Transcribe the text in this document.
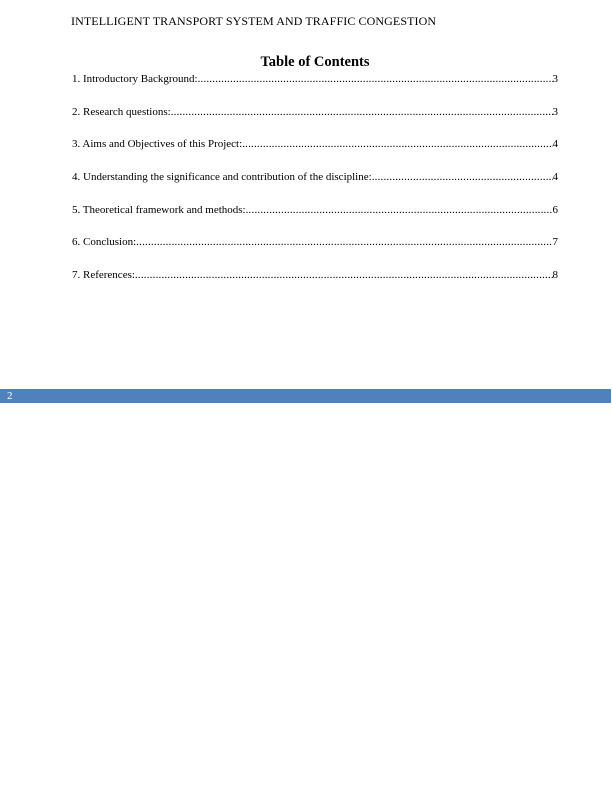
INTELLIGENT TRANSPORT SYSTEM AND TRAFFIC CONGESTION
Table of Contents
1. Introductory Background: .....	3
2. Research questions: .....	3
3. Aims and Objectives of this Project: .....	4
4. Understanding the significance and contribution of the discipline: .....	4
5. Theoretical framework and methods: .....	6
6. Conclusion: .....	7
7. References: .....	8
2
